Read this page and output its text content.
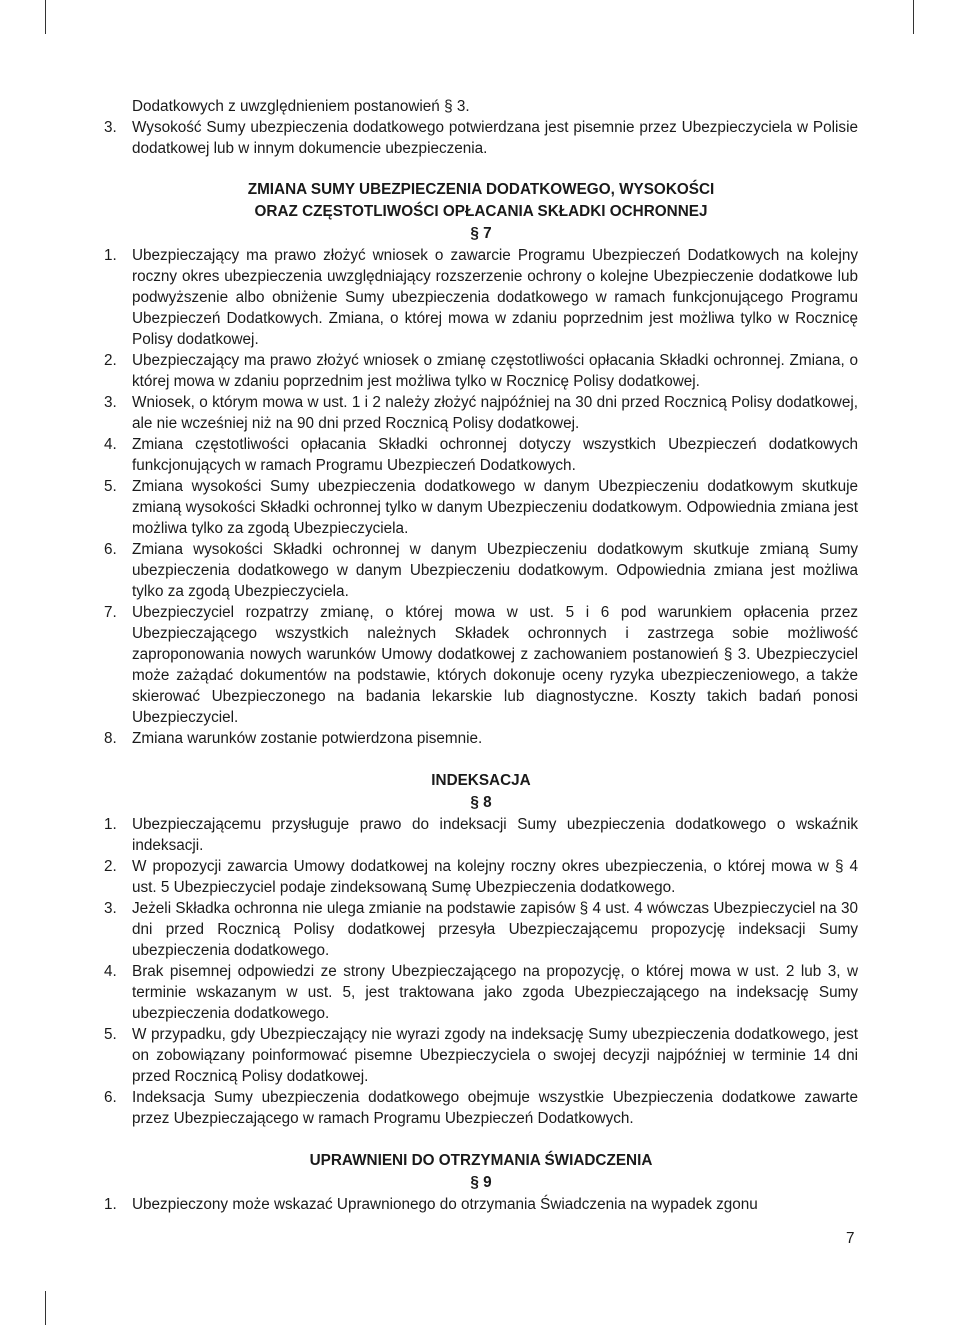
Dodatkowych z uwzględnieniem postanowień § 3.
3. Wysokość Sumy ubezpieczenia dodatkowego potwierdzana jest pisemnie przez Ubezpieczyciela w Polisie dodatkowej lub w innym dokumencie ubezpieczenia.

ZMIANA SUMY UBEZPIECZENIA DODATKOWEGO, WYSOKOŚCI

ORAZ CZĘSTOTLIWOŚCI OPŁACANIA SKŁADKI OCHRONNEJ

§ 7

1. Ubezpieczający ma prawo złożyć wniosek o zawarcie Programu Ubezpieczeń Dodatkowych na kolejny roczny okres ubezpieczenia uwzględniający rozszerzenie ochrony o kolejne Ubezpieczenie dodatkowe lub podwyższenie albo obniżenie Sumy ubezpieczenia dodatkowego w ramach funkcjonującego Programu Ubezpieczeń Dodatkowych. Zmiana, o której mowa w zdaniu poprzednim jest możliwa tylko w Rocznicę Polisy dodatkowej.
2. Ubezpieczający ma prawo złożyć wniosek o zmianę częstotliwości opłacania Składki ochronnej. Zmiana, o której mowa w zdaniu poprzednim jest możliwa tylko w Rocznicę Polisy dodatkowej.
3. Wniosek, o którym mowa w ust. 1 i 2 należy złożyć najpóźniej na 30 dni przed Rocznicą Polisy dodatkowej, ale nie wcześniej niż na 90 dni przed Rocznicą Polisy dodatkowej.
4. Zmiana częstotliwości opłacania Składki ochronnej dotyczy wszystkich Ubezpieczeń dodatkowych funkcjonujących w ramach Programu Ubezpieczeń Dodatkowych.
5. Zmiana wysokości Sumy ubezpieczenia dodatkowego w danym Ubezpieczeniu dodatkowym skutkuje zmianą wysokości Składki ochronnej tylko w danym Ubezpieczeniu dodatkowym. Odpowiednia zmiana jest możliwa tylko za zgodą Ubezpieczyciela.
6. Zmiana wysokości Składki ochronnej w danym Ubezpieczeniu dodatkowym skutkuje zmianą Sumy ubezpieczenia dodatkowego w danym Ubezpieczeniu dodatkowym. Odpowiednia zmiana jest możliwa tylko za zgodą Ubezpieczyciela.
7. Ubezpieczyciel rozpatrzy zmianę, o której mowa w ust. 5 i 6 pod warunkiem opłacenia przez Ubezpieczającego wszystkich należnych Składek ochronnych i zastrzega sobie możliwość zaproponowania nowych warunków Umowy dodatkowej z zachowaniem postanowień § 3. Ubezpieczyciel może zażądać dokumentów na podstawie, których dokonuje oceny ryzyka ubezpieczeniowego, a także skierować Ubezpieczonego na badania lekarskie lub diagnostyczne. Koszty takich badań ponosi Ubezpieczyciel.
8. Zmiana warunków zostanie potwierdzona pisemnie.

INDEKSACJA

§ 8

1. Ubezpieczającemu przysługuje prawo do indeksacji Sumy ubezpieczenia dodatkowego o wskaźnik indeksacji.
2. W propozycji zawarcia Umowy dodatkowej na kolejny roczny okres ubezpieczenia, o której mowa w § 4 ust. 5 Ubezpieczyciel podaje zindeksowaną Sumę Ubezpieczenia dodatkowego.
3. Jeżeli Składka ochronna nie ulega zmianie na podstawie zapisów § 4 ust. 4 wówczas Ubezpieczyciel na 30 dni przed Rocznicą Polisy dodatkowej przesyła Ubezpieczającemu propozycję indeksacji Sumy ubezpieczenia dodatkowego.
4. Brak pisemnej odpowiedzi ze strony Ubezpieczającego na propozycję, o której mowa w ust. 2 lub 3, w terminie wskazanym w ust. 5, jest traktowana jako zgoda Ubezpieczającego na indeksację Sumy ubezpieczenia dodatkowego.
5. W przypadku, gdy Ubezpieczający nie wyrazi zgody na indeksację Sumy ubezpieczenia dodatkowego, jest on zobowiązany poinformować pisemne Ubezpieczyciela o swojej decyzji najpóźniej w terminie 14 dni przed Rocznicą Polisy dodatkowej.
6. Indeksacja Sumy ubezpieczenia dodatkowego obejmuje wszystkie Ubezpieczenia dodatkowe zawarte przez Ubezpieczającego w ramach Programu Ubezpieczeń Dodatkowych.

UPRAWNIENI DO OTRZYMANIA ŚWIADCZENIA

§ 9

1. Ubezpieczony może wskazać Uprawnionego do otrzymania Świadczenia na wypadek zgonu
7
